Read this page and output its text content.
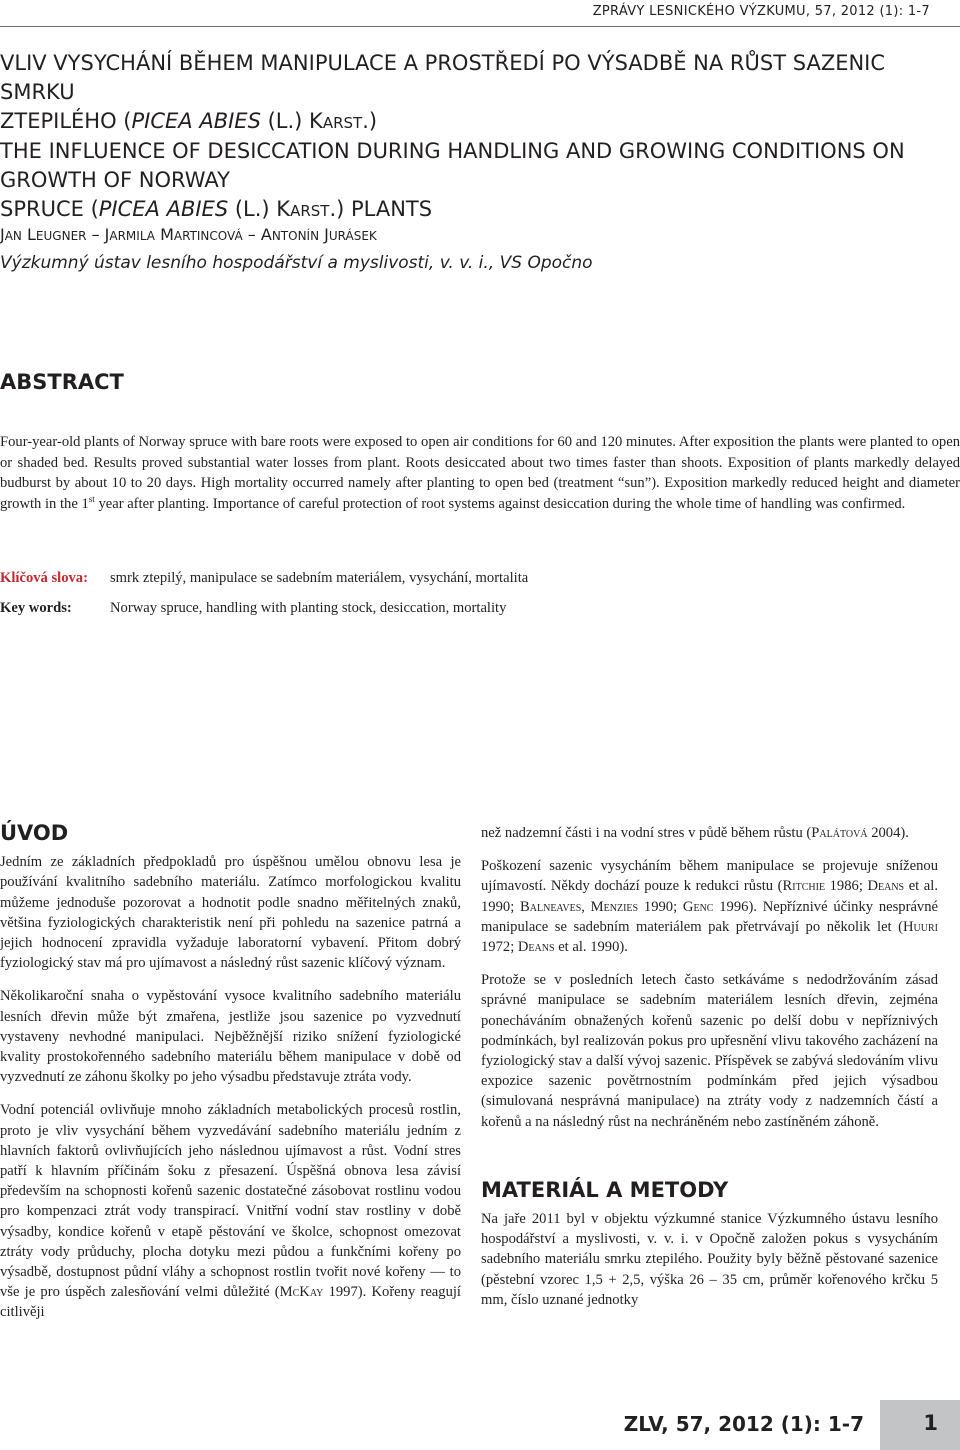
ZPRÁVY LESNICKÉHO VÝZKUMU, 57, 2012 (1): 1-7
VLIV VYSYCHÁNÍ BĚHEM MANIPULACE A PROSTŘEDÍ PO VÝSADBĚ NA RŮST SAZENIC SMRKU
ZTEPILÉHO (PICEA ABIES (L.) KARST.)
THE INFLUENCE OF DESICCATION DURING HANDLING AND GROWING CONDITIONS ON GROWTH OF NORWAY
SPRUCE (PICEA ABIES (L.) KARST.) PLANTS
JAN LEUGNER – JARMILA MARTINCOVÁ – ANTONÍN JURÁSEK
Výzkumný ústav lesního hospodářství a myslivosti, v. v. i., VS Opočno
ABSTRACT

Four-year-old plants of Norway spruce with bare roots were exposed to open air conditions for 60 and 120 minutes. After exposition the plants were planted to open or shaded bed. Results proved substantial water losses from plant. Roots desiccated about two times faster than shoots. Exposition of plants markedly delayed budburst by about 10 to 20 days. High mortality occurred namely after planting to open bed (treatment “sun”). Exposition markedly reduced height and diameter growth in the 1st year after planting. Importance of careful protection of root systems against desiccation during the whole time of handling was confirmed.

Klíčová slova: smrk ztepilý, manipulace se sadebním materiálem, vysychání, mortalita
Key words:	Norway spruce, handling with planting stock, desiccation, mortality
ÚVOD

Jedním ze základních předpokladů pro úspěšnou umělou obnovu lesa je používání kvalitního sadebního materiálu. Zatímco morfologickou kvalitu můžeme jednoduše pozorovat a hodnotit podle snadno měřitelných znaků, většina fyziologických charakteristik není při pohledu na sazenice patrná a jejich hodnocení zpravidla vyžaduje laboratorní vybavení. Přitom dobrý fyziologický stav má pro ujímavost a následný růst sazenic klíčový význam.

Několikaroční snaha o vypěstování vysoce kvalitního sadebního materiálu lesních dřevin může být zmařena, jestliže jsou sazenice po vyzvednutí vystaveny nevhodné manipulaci. Nejběžnější riziko snížení fyziologické kvality prostokořenného sadebního materiálu během manipulace v době od vyzvednutí ze záhonu školky po jeho výsadbu představuje ztráta vody.

Vodní potenciál ovlivňuje mnoho základních metabolických procesů rostlin, proto je vliv vysychání během vyzvedávání sadebního materiálu jedním z hlavních faktorů ovlivňujících jeho následnou ujímavost a růst. Vodní stres patří k hlavním příčinám šoku z přesazení. Úspěšná obnova lesa závisí především na schopnosti kořenů sazenic dostatečné zásobovat rostlinu vodou pro kompenzaci ztrát vody transpirací. Vnitřní vodní stav rostliny v době výsadby, kondice kořenů v etapě pěstování ve školce, schopnost omezovat ztráty vody průduchy, plocha dotyku mezi půdou a funkčními kořeny po výsadbě, dostupnost půdní vláhy a schopnost rostlin tvořit nové kořeny — to vše je pro úspěch zalesňování velmi důležité (McKay 1997). Kořeny reagují citlivěji

než nadzemní části i na vodní stres v půdě během růstu (Palátová 2004).

Poškození sazenic vysycháním během manipulace se projevuje sníženou ujímavostí. Někdy dochází pouze k redukci růstu (Ritchie 1986; Deans et al. 1990; Balneaves, Menzies 1990; Genc 1996). Nepříznivé účinky nesprávné manipulace se sadebním materiálem pak přetrvávají po několik let (Huuri 1972; Deans et al. 1990).

Protože se v posledních letech často setkáváme s nedodržováním zásad správné manipulace se sadebním materiálem lesních dřevin, zejména ponecháváním obnažených kořenů sazenic po delší dobu v nepříznivých podmínkách, byl realizován pokus pro upřesnění vlivu takového zacházení na fyziologický stav a další vývoj sazenic. Příspěvek se zabývá sledováním vlivu expozice sazenic povětrnostním podmínkám před jejich výsadbou (simulovaná nesprávná manipulace) na ztráty vody z nadzemních částí a kořenů a na následný růst na nechráněném nebo zastíněném záhoně.

MATERIÁL A METODY

Na jaře 2011 byl v objektu výzkumné stanice Výzkumného ústavu lesního hospodářství a myslivosti, v. v. i. v Opočně založen pokus s vysycháním sadebního materiálu smrku ztepilého. Použity byly běžně pěstované sazenice (pěstební vzorec 1,5 + 2,5, výška 26 – 35 cm, průměr kořenového krčku 5 mm, číslo uznané jednotky

ZLV, 57, 2012 (1): 1-7	1
